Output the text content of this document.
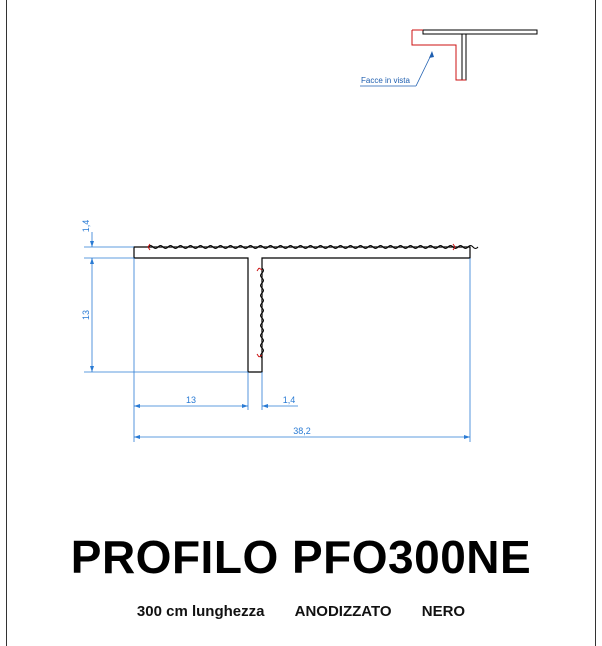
Facce in vista
1,4
13
13	1,4
38,2
PROFILO PFO300NE
300 cm lunghezza ANODIZZATO NERO
